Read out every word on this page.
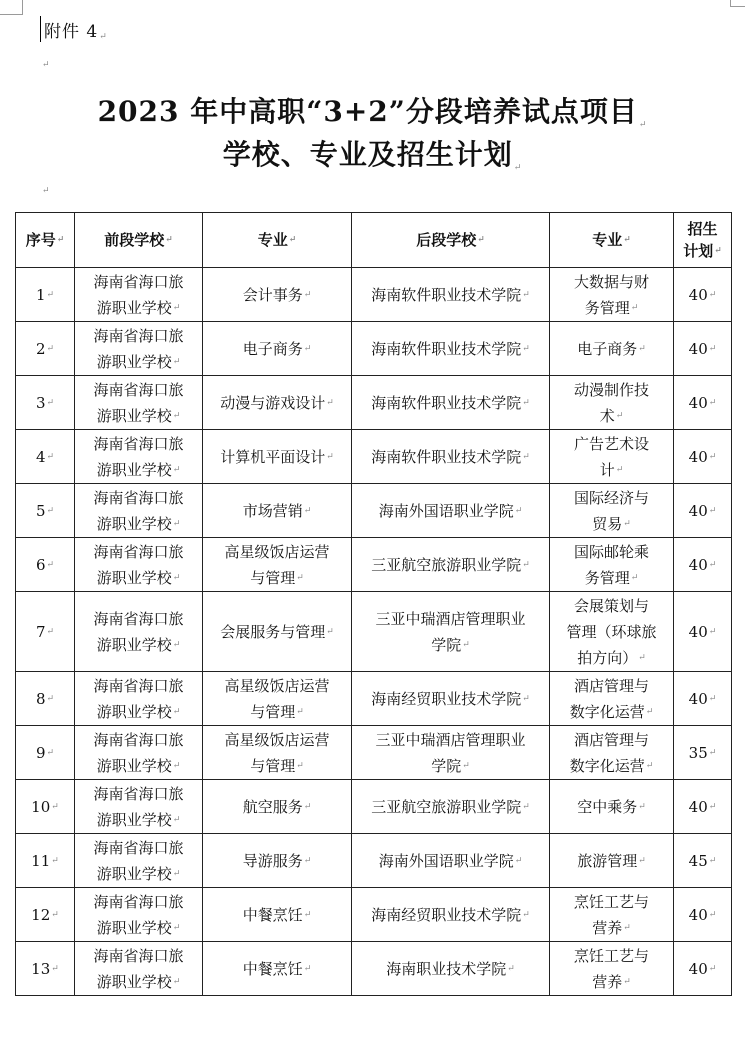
附件 4↵
↵
2023 年中高职“3+2”分段培养试点项目↵
学校、专业及招生计划↵
↵
序号↵	前段学校↵	专业↵	后段学校↵	专业↵	招生
计划↵
1↵	海南省海口旅
游职业学校↵	会计事务↵	海南软件职业技术学院↵	大数据与财
务管理↵	40↵
2↵	海南省海口旅
游职业学校↵	电子商务↵	海南软件职业技术学院↵	电子商务↵	40↵
3↵	海南省海口旅
游职业学校↵	动漫与游戏设计↵	海南软件职业技术学院↵	动漫制作技
术↵	40↵
4↵	海南省海口旅
游职业学校↵	计算机平面设计↵	海南软件职业技术学院↵	广告艺术设
计↵	40↵
5↵	海南省海口旅
游职业学校↵	市场营销↵	海南外国语职业学院↵	国际经济与
贸易↵	40↵
6↵	海南省海口旅
游职业学校↵	高星级饭店运营
与管理↵	三亚航空旅游职业学院↵	国际邮轮乘
务管理↵	40↵
7↵	海南省海口旅
游职业学校↵	会展服务与管理↵	三亚中瑞酒店管理职业
学院↵	会展策划与
管理（环球旅
拍方向）↵	40↵
8↵	海南省海口旅
游职业学校↵	高星级饭店运营
与管理↵	海南经贸职业技术学院↵	酒店管理与
数字化运营↵	40↵
9↵	海南省海口旅
游职业学校↵	高星级饭店运营
与管理↵	三亚中瑞酒店管理职业
学院↵	酒店管理与
数字化运营↵	35↵
10↵	海南省海口旅
游职业学校↵	航空服务↵	三亚航空旅游职业学院↵	空中乘务↵	40↵
11↵	海南省海口旅
游职业学校↵	导游服务↵	海南外国语职业学院↵	旅游管理↵	45↵
12↵	海南省海口旅
游职业学校↵	中餐烹饪↵	海南经贸职业技术学院↵	烹饪工艺与
营养↵	40↵
13↵	海南省海口旅
游职业学校↵	中餐烹饪↵	海南职业技术学院↵	烹饪工艺与
营养↵	40↵
